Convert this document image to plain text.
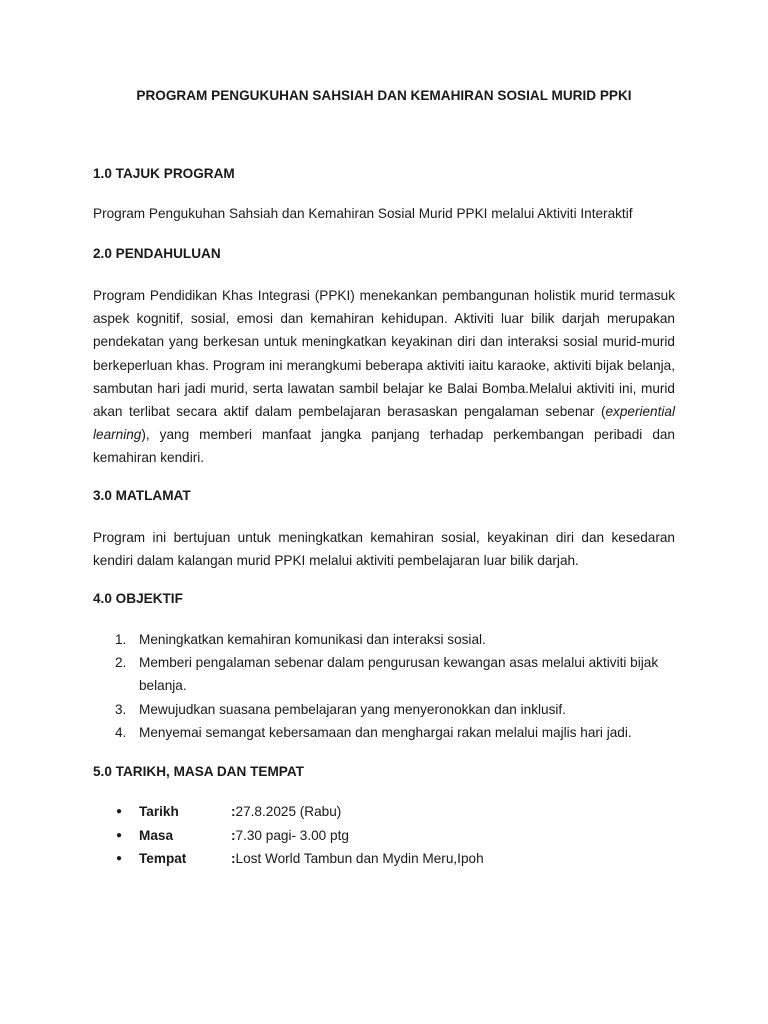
PROGRAM PENGUKUHAN SAHSIAH DAN KEMAHIRAN SOSIAL MURID PPKI
1.0 TAJUK PROGRAM

Program Pengukuhan Sahsiah dan Kemahiran Sosial Murid PPKI melalui Aktiviti Interaktif

2.0 PENDAHULUAN

Program Pendidikan Khas Integrasi (PPKI) menekankan pembangunan holistik murid termasuk aspek kognitif, sosial, emosi dan kemahiran kehidupan. Aktiviti luar bilik darjah merupakan pendekatan yang berkesan untuk meningkatkan keyakinan diri dan interaksi sosial murid-murid berkeperluan khas. Program ini merangkumi beberapa aktiviti iaitu karaoke, aktiviti bijak belanja, sambutan hari jadi murid, serta lawatan sambil belajar ke Balai Bomba.Melalui aktiviti ini, murid akan terlibat secara aktif dalam pembelajaran berasaskan pengalaman sebenar (experiential learning), yang memberi manfaat jangka panjang terhadap perkembangan peribadi dan kemahiran kendiri.

3.0 MATLAMAT

Program ini bertujuan untuk meningkatkan kemahiran sosial, keyakinan diri dan kesedaran kendiri dalam kalangan murid PPKI melalui aktiviti pembelajaran luar bilik darjah.

4.0 OBJEKTIF
1. Meningkatkan kemahiran komunikasi dan interaksi sosial.
2. Memberi pengalaman sebenar dalam pengurusan kewangan asas melalui aktiviti bijak belanja.
3. Mewujudkan suasana pembelajaran yang menyeronokkan dan inklusif.
4. Menyemai semangat kebersamaan dan menghargai rakan melalui majlis hari jadi.
5.0 TARIKH, MASA DAN TEMPAT
●	Tarikh	: 27.8.2025 (Rabu)
●	Masa	: 7.30 pagi- 3.00 ptg
●	Tempat	: Lost World Tambun dan Mydin Meru,Ipoh
